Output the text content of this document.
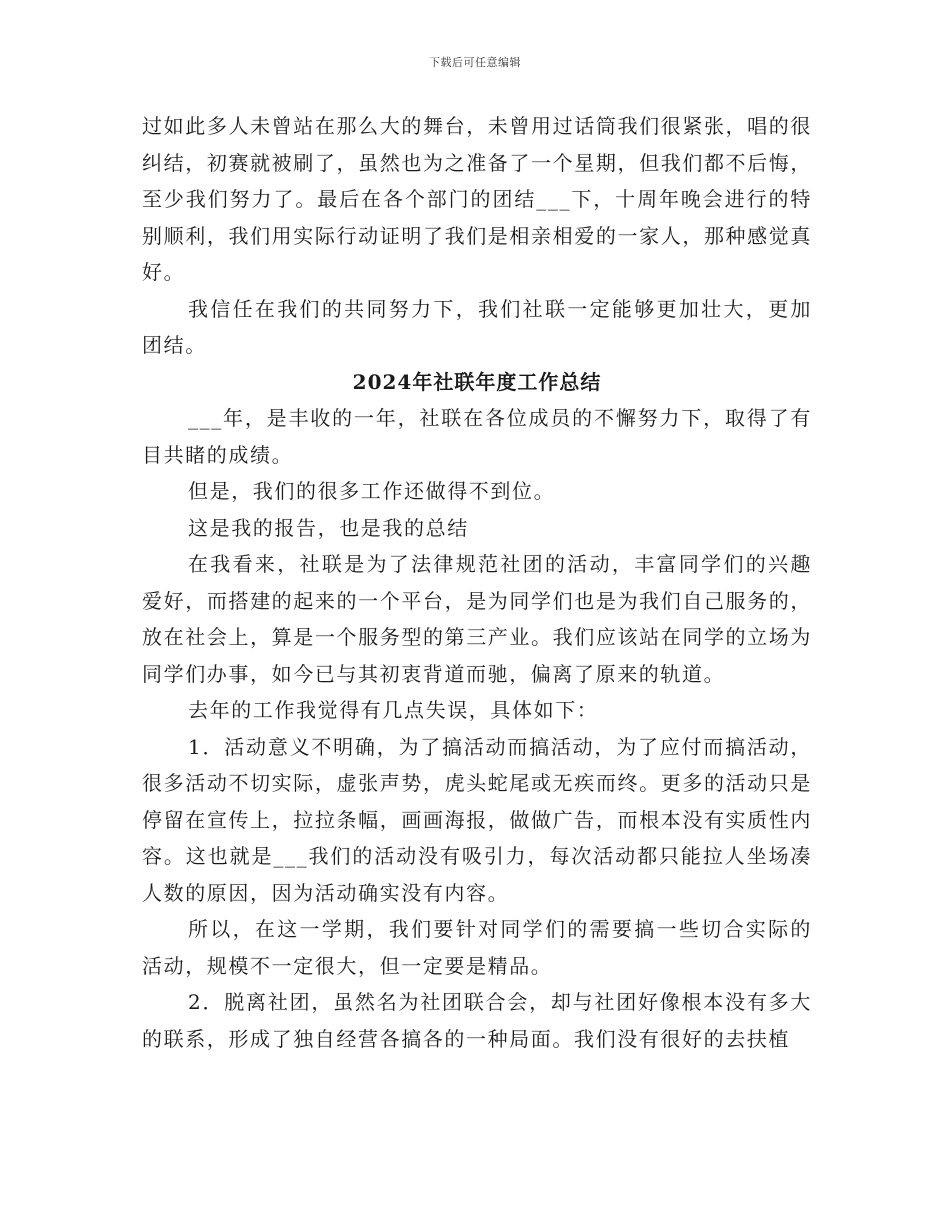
下载后可任意编辑

过如此多人未曾站在那么大的舞台，未曾用过话筒我们很紧张，唱的很纠结，初赛就被刷了，虽然也为之准备了一个星期，但我们都不后悔，至少我们努力了。最后在各个部门的团结___下，十周年晚会进行的特别顺利，我们用实际行动证明了我们是相亲相爱的一家人，那种感觉真好。

我信任在我们的共同努力下，我们社联一定能够更加壮大，更加团结。

2024年社联年度工作总结

___年，是丰收的一年，社联在各位成员的不懈努力下，取得了有目共睹的成绩。

但是，我们的很多工作还做得不到位。

这是我的报告，也是我的总结

在我看来，社联是为了法律规范社团的活动，丰富同学们的兴趣爱好，而搭建的起来的一个平台，是为同学们也是为我们自己服务的，放在社会上，算是一个服务型的第三产业。我们应该站在同学的立场为同学们办事，如今已与其初衷背道而驰，偏离了原来的轨道。

去年的工作我觉得有几点失误，具体如下：

1．活动意义不明确，为了搞活动而搞活动，为了应付而搞活动，很多活动不切实际，虚张声势，虎头蛇尾或无疾而终。更多的活动只是停留在宣传上，拉拉条幅，画画海报，做做广告，而根本没有实质性内容。这也就是___我们的活动没有吸引力，每次活动都只能拉人坐场凑人数的原因，因为活动确实没有内容。

所以，在这一学期，我们要针对同学们的需要搞一些切合实际的活动，规模不一定很大，但一定要是精品。

2．脱离社团，虽然名为社团联合会，却与社团好像根本没有多大的联系，形成了独自经营各搞各的一种局面。我们没有很好的去扶植
